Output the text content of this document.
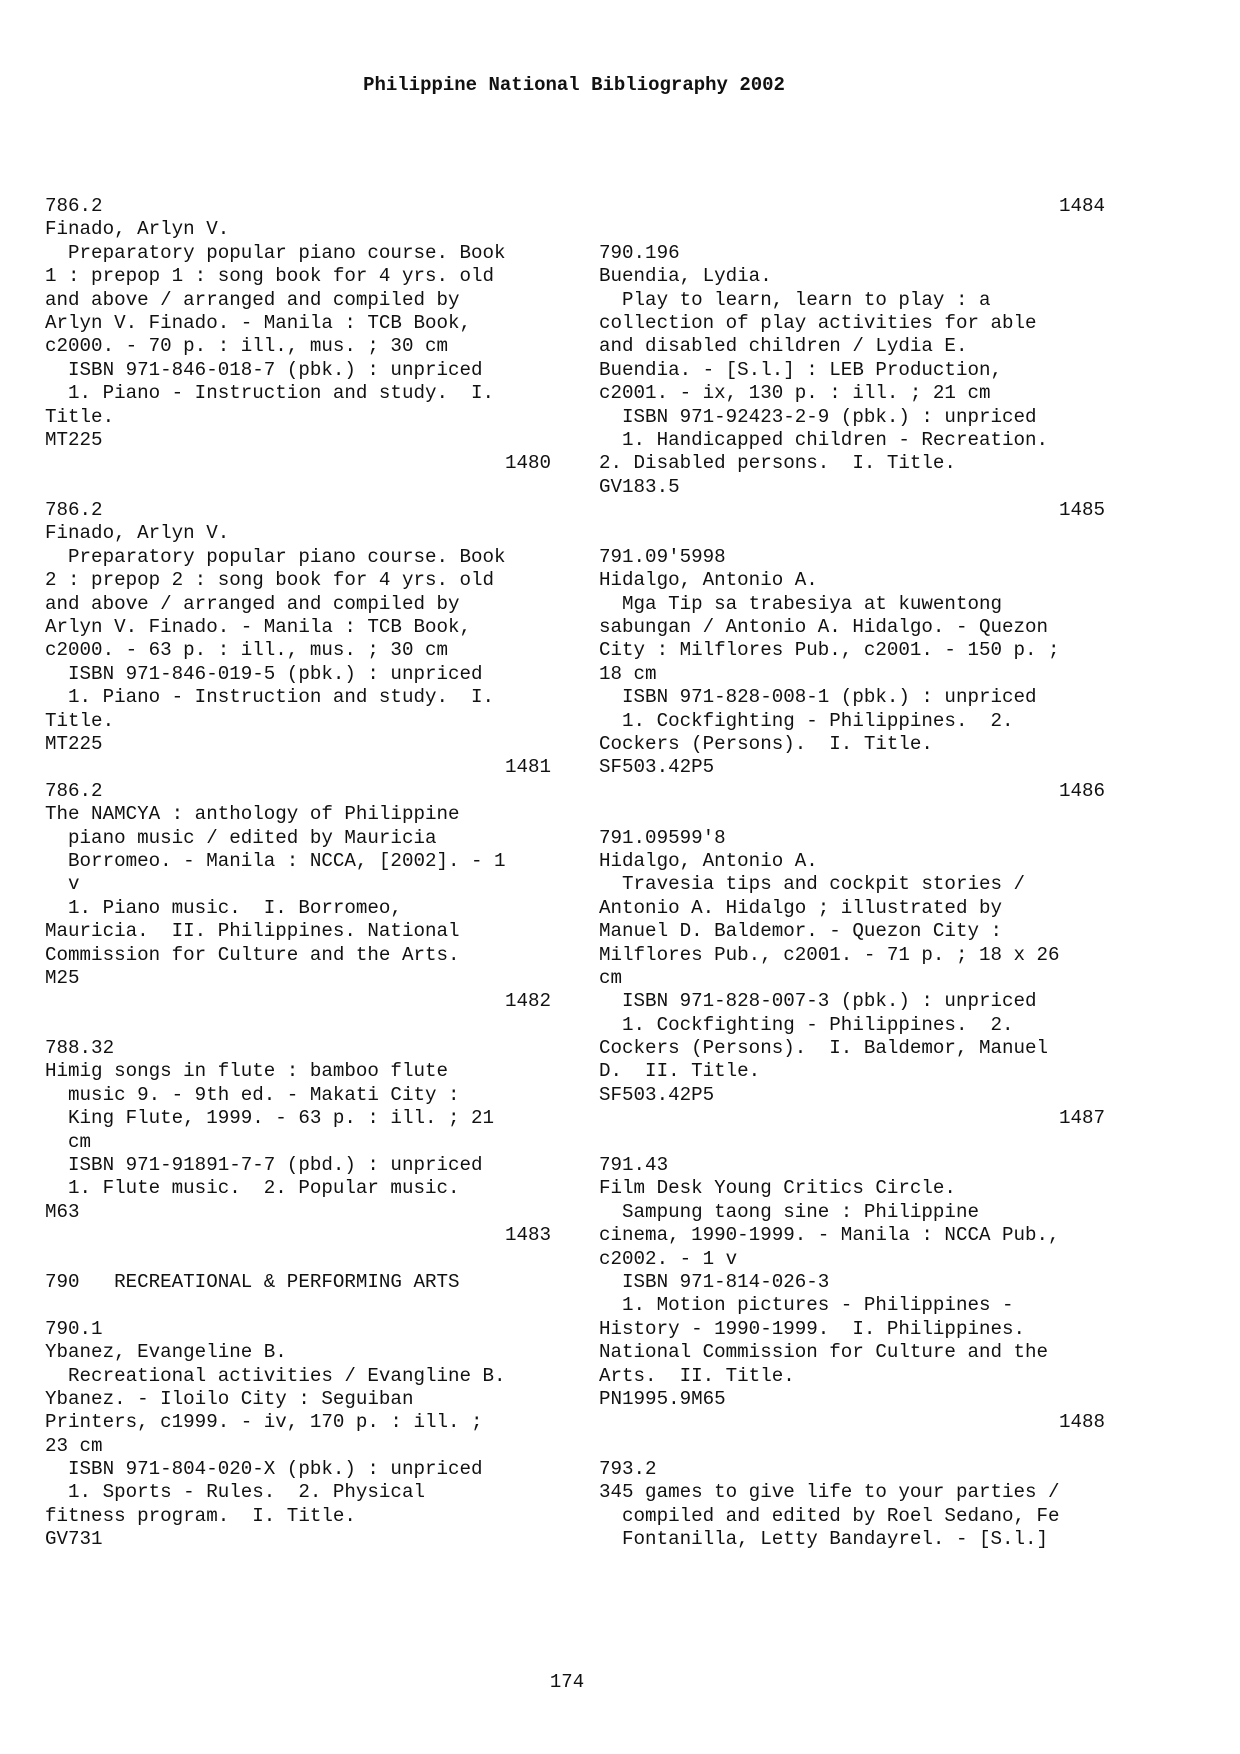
Philippine National Bibliography 2002
786.2
Finado, Arlyn V.
Preparatory popular piano course. Book
1 : prepop 1 : song book for 4 yrs. old
and above / arranged and compiled by
Arlyn V. Finado. - Manila : TCB Book,
c2000. - 70 p. : ill., mus. ; 30 cm
ISBN 971-846-018-7 (pbk.) : unpriced
1. Piano - Instruction and study.  I.
Title.
MT225
1480
786.2
Finado, Arlyn V.
Preparatory popular piano course. Book
2 : prepop 2 : song book for 4 yrs. old
and above / arranged and compiled by
Arlyn V. Finado. - Manila : TCB Book,
c2000. - 63 p. : ill., mus. ; 30 cm
ISBN 971-846-019-5 (pbk.) : unpriced
1. Piano - Instruction and study.  I.
Title.
MT225
1481
786.2
The NAMCYA : anthology of Philippine
piano music / edited by Mauricia
Borromeo. - Manila : NCCA, [2002]. - 1
v
1. Piano music.  I. Borromeo,
Mauricia.  II. Philippines. National
Commission for Culture and the Arts.
M25
1482
788.32
Himig songs in flute : bamboo flute
music 9. - 9th ed. - Makati City :
King Flute, 1999. - 63 p. : ill. ; 21
cm
ISBN 971-91891-7-7 (pbd.) : unpriced
1. Flute music.  2. Popular music.
M63
1483
790   RECREATIONAL & PERFORMING ARTS
790.1
Ybanez, Evangeline B.
Recreational activities / Evangline B.
Ybanez. - Iloilo City : Seguiban
Printers, c1999. - iv, 170 p. : ill. ;
23 cm
ISBN 971-804-020-X (pbk.) : unpriced
1. Sports - Rules.  2. Physical
fitness program.  I. Title.
GV731
1484
790.196
Buendia, Lydia.
Play to learn, learn to play : a
collection of play activities for able
and disabled children / Lydia E.
Buendia. - [S.l.] : LEB Production,
c2001. - ix, 130 p. : ill. ; 21 cm
ISBN 971-92423-2-9 (pbk.) : unpriced
1. Handicapped children - Recreation.
2. Disabled persons.  I. Title.
GV183.5
1485
791.09'5998
Hidalgo, Antonio A.
Mga Tip sa trabesiya at kuwentong
sabungan / Antonio A. Hidalgo. - Quezon
City : Milflores Pub., c2001. - 150 p. ;
18 cm
ISBN 971-828-008-1 (pbk.) : unpriced
1. Cockfighting - Philippines.  2.
Cockers (Persons).  I. Title.
SF503.42P5
1486
791.09599'8
Hidalgo, Antonio A.
Travesia tips and cockpit stories /
Antonio A. Hidalgo ; illustrated by
Manuel D. Baldemor. - Quezon City :
Milflores Pub., c2001. - 71 p. ; 18 x 26
cm
ISBN 971-828-007-3 (pbk.) : unpriced
1. Cockfighting - Philippines.  2.
Cockers (Persons).  I. Baldemor, Manuel
D.  II. Title.
SF503.42P5
1487
791.43
Film Desk Young Critics Circle.
Sampung taong sine : Philippine
cinema, 1990-1999. - Manila : NCCA Pub.,
c2002. - 1 v
ISBN 971-814-026-3
1. Motion pictures - Philippines -
History - 1990-1999.  I. Philippines.
National Commission for Culture and the
Arts.  II. Title.
PN1995.9M65
1488
793.2
345 games to give life to your parties /
compiled and edited by Roel Sedano, Fe
Fontanilla, Letty Bandayrel. - [S.l.]
174
